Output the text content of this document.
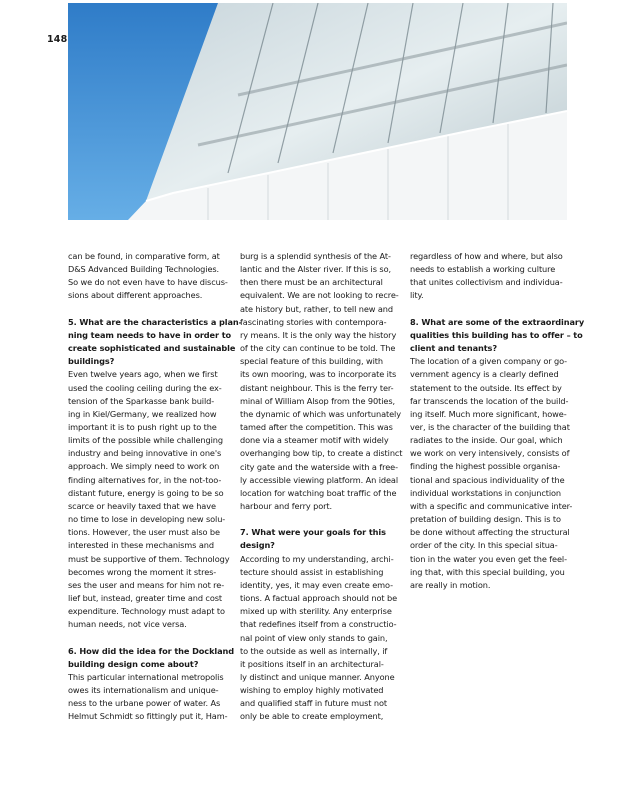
148

can be found, in comparative form, at

D&S Advanced Building Technologies.

So we do not even have to have discus-

sions about different approaches.

5. What are the characteristics a plan-

ning team needs to have in order to

create sophisticated and sustainable

buildings?

Even twelve years ago, when we first

used the cooling ceiling during the ex-

tension of the Sparkasse bank build-

ing in Kiel/Germany, we realized how

important it is to push right up to the

limits of the possible while challenging

industry and being innovative in one's

approach. We simply need to work on

finding alternatives for, in the not-too-

distant future, energy is going to be so

scarce or heavily taxed that we have

no time to lose in developing new solu-

tions. However, the user must also be

interested in these mechanisms and

must be supportive of them. Technology

becomes wrong the moment it stres-

ses the user and means for him not re-

lief but, instead, greater time and cost

expenditure. Technology must adapt to

human needs, not vice versa.

6. How did the idea for the Dockland

building design come about?

This particular international metropolis

owes its internationalism and unique-

ness to the urbane power of water. As

Helmut Schmidt so fittingly put it, Ham-

burg is a splendid synthesis of the At-

lantic and the Alster river. If this is so,

then there must be an architectural

equivalent. We are not looking to recre-

ate history but, rather, to tell new and

fascinating stories with contempora-

ry means. It is the only way the history

of the city can continue to be told. The

special feature of this building, with

its own mooring, was to incorporate its

distant neighbour. This is the ferry ter-

minal of William Alsop from the 90ties,

the dynamic of which was unfortunately

tamed after the competition. This was

done via a steamer motif with widely

overhanging bow tip, to create a distinct

city gate and the waterside with a free-

ly accessible viewing platform. An ideal

location for watching boat traffic of the

harbour and ferry port.

7. What were your goals for this

design?

According to my understanding, archi-

tecture should assist in establishing

identity, yes, it may even create emo-

tions. A factual approach should not be

mixed up with sterility. Any enterprise

that redefines itself from a constructio-

nal point of view only stands to gain,

to the outside as well as internally, if

it positions itself in an architectural-

ly distinct and unique manner. Anyone

wishing to employ highly motivated

and qualified staff in future must not

only be able to create employment,

regardless of how and where, but also

needs to establish a working culture

that unites collectivism and individua-

lity.

8. What are some of the extraordinary

qualities this building has to offer – to

client and tenants?

The location of a given company or go-

vernment agency is a clearly defined

statement to the outside. Its effect by

far transcends the location of the build-

ing itself. Much more significant, howe-

ver, is the character of the building that

radiates to the inside. Our goal, which

we work on very intensively, consists of

finding the highest possible organisa-

tional and spacious individuality of the

individual workstations in conjunction

with a specific and communicative inter-

pretation of building design. This is to

be done without affecting the structural

order of the city. In this special situa-

tion in the water you even get the feel-

ing that, with this special building, you

are really in motion.
